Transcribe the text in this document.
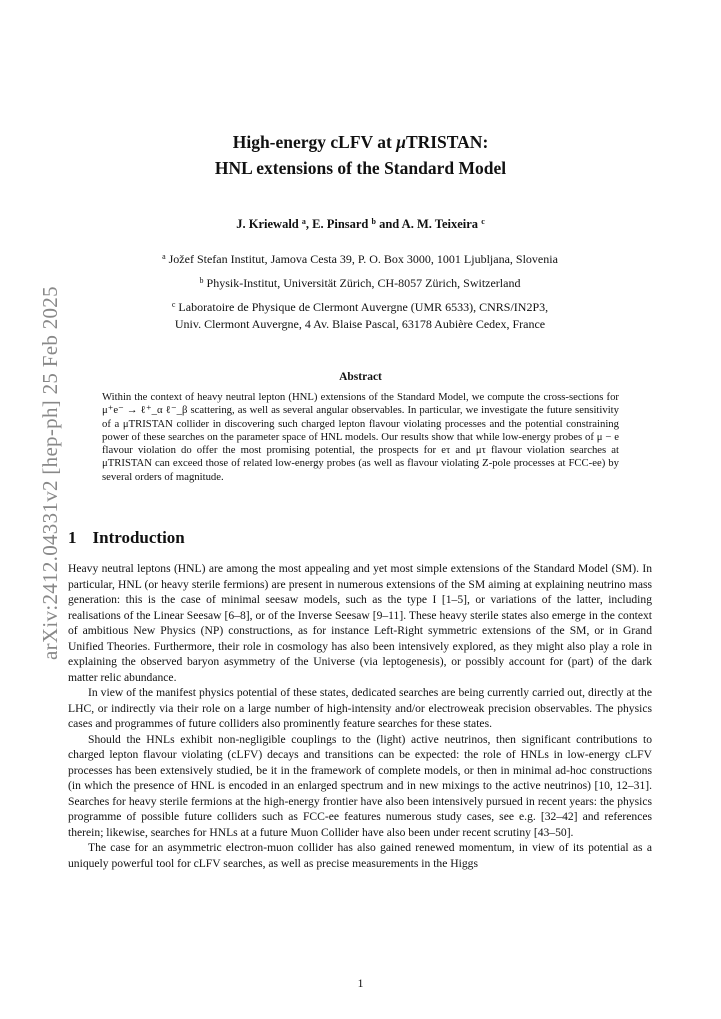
arXiv:2412.04331v2 [hep-ph] 25 Feb 2025
High-energy cLFV at μTRISTAN:
HNL extensions of the Standard Model
J. Kriewald $^a$, E. Pinsard $^b$ and A. M. Teixeira $^c$
$^a$ Jožef Stefan Institut, Jamova Cesta 39, P. O. Box 3000, 1001 Ljubljana, Slovenia
$^b$ Physik-Institut, Universität Zürich, CH-8057 Zürich, Switzerland
$^c$ Laboratoire de Physique de Clermont Auvergne (UMR 6533), CNRS/IN2P3,
Univ. Clermont Auvergne, 4 Av. Blaise Pascal, 63178 Aubière Cedex, France
Abstract

Within the context of heavy neutral lepton (HNL) extensions of the Standard Model, we compute the cross-sections for μ⁺e⁻ → ℓ⁺_α ℓ⁻_β scattering, as well as several angular observables. In particular, we investigate the future sensitivity of a μTRISTAN collider in discovering such charged lepton flavour violating processes and the potential constraining power of these searches on the parameter space of HNL models. Our results show that while low-energy probes of μ − e flavour violation do offer the most promising potential, the prospects for eτ and μτ flavour violation searches at μTRISTAN can exceed those of related low-energy probes (as well as flavour violating Z-pole processes at FCC-ee) by several orders of magnitude.

1 Introduction

Heavy neutral leptons (HNL) are among the most appealing and yet most simple extensions of the Standard Model (SM). In particular, HNL (or heavy sterile fermions) are present in numerous extensions of the SM aiming at explaining neutrino mass generation: this is the case of minimal seesaw models, such as the type I [1–5], or variations of the latter, including realisations of the Linear Seesaw [6–8], or of the Inverse Seesaw [9–11]. These heavy sterile states also emerge in the context of ambitious New Physics (NP) constructions, as for instance Left-Right symmetric extensions of the SM, or in Grand Unified Theories. Furthermore, their role in cosmology has also been intensively explored, as they might also play a role in explaining the observed baryon asymmetry of the Universe (via leptogenesis), or possibly account for (part) of the dark matter relic abundance.

In view of the manifest physics potential of these states, dedicated searches are being currently carried out, directly at the LHC, or indirectly via their role on a large number of high-intensity and/or electroweak precision observables. The physics cases and programmes of future colliders also prominently feature searches for these states.

Should the HNLs exhibit non-negligible couplings to the (light) active neutrinos, then significant contributions to charged lepton flavour violating (cLFV) decays and transitions can be expected: the role of HNLs in low-energy cLFV processes has been extensively studied, be it in the framework of complete models, or then in minimal ad-hoc constructions (in which the presence of HNL is encoded in an enlarged spectrum and in new mixings to the active neutrinos) [10, 12–31]. Searches for heavy sterile fermions at the high-energy frontier have also been intensively pursued in recent years: the physics programme of possible future colliders such as FCC-ee features numerous study cases, see e.g. [32–42] and references therein; likewise, searches for HNLs at a future Muon Collider have also been under recent scrutiny [43–50].

The case for an asymmetric electron-muon collider has also gained renewed momentum, in view of its potential as a uniquely powerful tool for cLFV searches, as well as precise measurements in the Higgs

1
